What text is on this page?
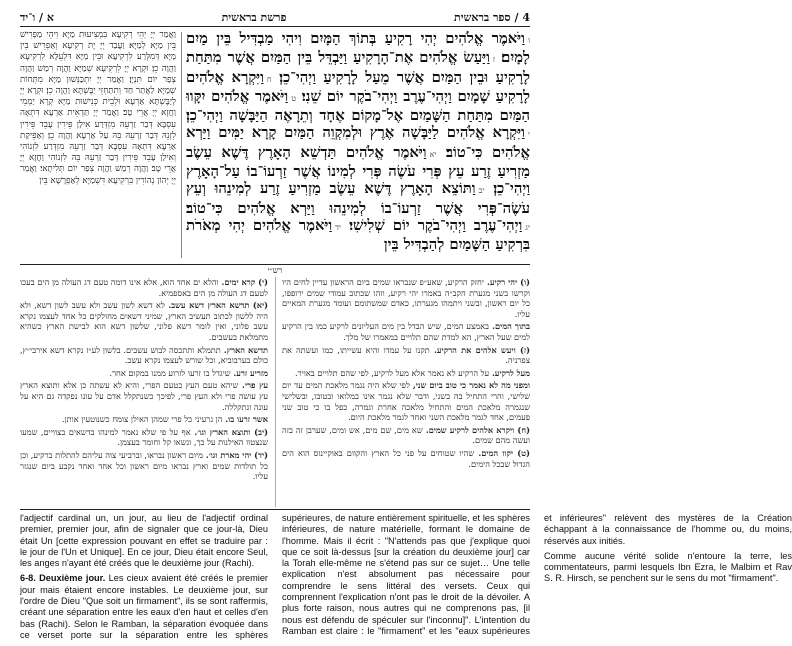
4 / ספר בראשית
פרשת בראשית
א / ו־יד

וַאֲמַר יְיָ יְהֵי רְקִיעָא בִּמְצִיעוּת מַיָּא וִיהֵי מַפְרִישׁ בֵּין מַיָּא לְמַיָּא׃ וַעֲבַד יְיָ יָת רְקִיעָא וְאַפְרֵישׁ בֵּין מַיָּא דְּמִלְּרַע לִרְקִיעָא וּבֵין מַיָּא דִּלְעֵלָּא לִרְקִיעָא וַהֲוָה כֵן׃ וּקְרָא יְיָ לִרְקִיעָא שְׁמַיָּא וַהֲוָה רְמַשׁ וַהֲוָה צְפַר יוֹם תִּנְיָן׃ וַאֲמַר יְיָ יִתְכַּנְּשׁוּן מַיָּא מִתְּחוֹת שְׁמַיָּא לַאֲתַר חַד וְתִתַחְזֵי יַבֶּשְׁתָּא וַהֲוָה כֵן׃ וּקְרָא יְיָ לְיַבֶּשְׁתָּא אַרְעָא וּלְבֵית כְּנִישׁוּת מַיָּא קְרָא יַמְמֵי וַחֲזָא יְיָ אֲרֵי טָב׃ וַאֲמַר יְיָ תַּדְאֵית אַרְעָא דִּתְאָה עִסְבָּא דְּבַר זַרְעֵהּ מִזְדְּרַע אִילַן פֵּירִין עָבֵד פֵּירִין לִזְנֵהּ דְּבַר זַרְעֵהּ בֵּהּ עַל אַרְעָא וַהֲוָה כֵן׃ וְאַפֵּיקַת אַרְעָא דִּתְאָה עִסְבָּא דְּבַר זַרְעֵהּ מִזְדְּרַע לִזְנוֹהִי וְאִילַן עָבֵד פֵּירִין דְּבַר זַרְעֵהּ בֵּהּ לִזְנוֹהִי וַחֲזָא יְיָ אֲרֵי טָב׃ וַהֲוָה רְמַשׁ וַהֲוָה צְפַר יוֹם תְּלִיתָאי׃ וַאֲמַר יְיָ יְהוֹן נְהוֹרִין בִּרְקִיעָא דִּשְׁמַיָּא לְאַפְרָשָׁא בֵּין

ווַיֹּאמֶר אֱלֹהִים יְהִי רָקִיעַ בְּתוֹךְ הַמָּיִם וִיהִי מַבְדִּיל בֵּין מַיִם לָמָיִם׃ זוַיַּעַשׂ אֱלֹהִים אֶת־הָרָקִיעַ וַיַּבְדֵּל בֵּין הַמַּיִם אֲשֶׁר מִתַּחַת לָרָקִיעַ וּבֵין הַמַּיִם אֲשֶׁר מֵעַל לָרָקִיעַ וַיְהִי־כֵן׃ חוַיִּקְרָא אֱלֹהִים לָרָקִיעַ שָׁמָיִם וַיְהִי־עֶרֶב וַיְהִי־בֹקֶר יוֹם שֵׁנִי׃ טוַיֹּאמֶר אֱלֹהִים יִקָּווּ הַמַּיִם מִתַּחַת הַשָּׁמַיִם אֶל־מָקוֹם אֶחָד וְתֵרָאֶה הַיַּבָּשָׁה וַיְהִי־כֵן׃ יוַיִּקְרָא אֱלֹהִים לַיַּבָּשָׁה אֶרֶץ וּלְמִקְוֵה הַמַּיִם קָרָא יַמִּים וַיַּרְא אֱלֹהִים כִּי־טוֹב׃ יאוַיֹּאמֶר אֱלֹהִים תַּדְשֵׁא הָאָרֶץ דֶּשֶׁא עֵשֶׂב מַזְרִיעַ זֶרַע עֵץ פְּרִי עֹשֶׂה פְּרִי לְמִינוֹ אֲשֶׁר זַרְעוֹ־בוֹ עַל־הָאָרֶץ וַיְהִי־כֵן׃ יבוַתּוֹצֵא הָאָרֶץ דֶּשֶׁא עֵשֶׂב מַזְרִיעַ זֶרַע לְמִינֵהוּ וְעֵץ עֹשֶׂה־פְּרִי אֲשֶׁר זַרְעוֹ־בוֹ לְמִינֵהוּ וַיַּרְא אֱלֹהִים כִּי־טוֹב׃ יגוַיְהִי־עֶרֶב וַיְהִי־בֹקֶר יוֹם שְׁלִישִׁי׃ ידוַיֹּאמֶר אֱלֹהִים יְהִי מְאֹרֹת בִּרְקִיעַ הַשָּׁמַיִם לְהַבְדִּיל בֵּין
רש״י

(ו) יהי רקיע. יחזק הרקיע, שאע״פ שנבראו שמים ביום הראשון עדיין לחים היו וקרשו בשני מגערת הקב״ה באמרו יהי רקיע, וזהו שכתוב עמודי שמים ירופפו, כל יום ראשון, ובשני ויתמהו מגערתו, כאדם שמשתומם ועומד מגערת המאיים עליו.

בתוך המים. באמצע המים, שיש הבדל בין מים העליונים לרקיע כמו בין הרקיע למים שעל הארץ, הא למדת שהם תלויים במאמרו של מלך.

(ז) ויעש אלהים את הרקיע. תקנו על עמדו והיא עשייתו, כמו ועשתה את צפרניה.

מעל לרקיע. על הרקיע לא נאמר אלא מעל לרקיע, לפי שהם תלויים באויר.

ומפני מה לא נאמר כי טוב ביום שני, לפי שלא היה נגמר מלאכת המים עד יום שלישי, והרי התחיל בה בשני, ודבר שלא נגמר אינו במלואו ובטובו, ובשלישי שנגמרה מלאכת המים והתחיל מלאכה אחרת וגמרה, כפל בו כי טוב שני פעמים, אחד לגמר מלאכת השני ואחד לגמר מלאכת היום.

(ח) ויקרא אלהים לרקיע שמים. שא מים, שם מים, אש ומים, שערבן זה בזה ועשה מהם שמים.

(ט) יקוו המים. שהיו שטוחים על פני כל הארץ והקוום באוקיינוס הוא הים הגדול שבכל הימים.

(י) קרא ימים. והלא ים אחד הוא, אלא אינו דומה טעם דג העולה מן הים בעכו לטעם דג העולה מן הים באספמיא.

(יא) תדשא הארץ דשא עשב. לא דשא לשון עשב ולא עשב לשון דשא, ולא היה ללשון לכתוב תעשיב הארץ, שמיני דשאים מחולקים כל אחד לעצמו נקרא עשב פלוני, ואין לומר דשא פלוני, שלשון דשא הוא לבישת הארץ כשהיא מתמלאת בעשבים.

תדשא הארץ. תתמלא ותתכסה לבוש עשבים. בלשון לע״ז נקרא דשא אירבי״ץ, כולם בערבוביא, וכל שורש לעצמו נקרא עשב.

מזריע זרע. שיגדל בו זרעו לזרוע ממנו במקום אחר.

עץ פרי. שיהא טעם העץ כטעם הפרי, והיא לא עשתה כן אלא ותוצא הארץ עץ עושה פרי ולא העץ פרי, לפיכך כשנתקלל אדם על עונו נפקדה גם היא על עונה ונתקללה.

אשר זרעו בו. הן גרעיני כל פרי שמהן האילן צומח כשנוטעין אותן.

(יב) ותוצא הארץ וגו׳. אף על פי שלא נאמר למינהו בדשאים בצוויים, שמעו שנצטוו האילנות על כך, ונשאו קל וחומר בעצמן.

(יד) יהי מארת וגו׳. מיום ראשון נבראו, וברביעי צוה עליהם להתלות ברקיע, וכן כל תולדות שמים וארץ נבראו מיום ראשון וכל אחד ואחד נקבע ביום שנגזר עליו.

l'adjectif cardinal un, un jour, au lieu de l'adjectif ordinal premier, premier jour, afin de signaler que ce jour-là, Dieu était Un [cette expression pouvant en effet se traduire par : le jour de l'Un et Unique]. En ce jour, Dieu était encore Seul, les anges n'ayant été créés que le deuxième jour (Rachi).

6-8. Deuxième jour. Les cieux avaient été créés le premier jour mais étaient encore instables. Le deuxième jour, sur l'ordre de Dieu "Que soit un firmament", ils se sont raffermis, créant une séparation entre les eaux d'en haut et celles d'en bas (Rachi). Selon le Ramban, la séparation évoquée dans ce verset porte sur la séparation entre les sphères supérieures, de nature entièrement spirituelle, et les sphères inférieures, de nature matérielle, formant le domaine de l'homme. Mais il écrit : "N'attends pas que j'explique quoi que ce soit là-dessus [sur la création du deuxième jour] car la Torah elle-même ne s'étend pas sur ce sujet… Une telle explication n'est absolument pas nécessaire pour comprendre le sens littéral des versets. Ceux qui comprennent l'explication n'ont pas le droit de la dévoiler. A plus forte raison, nous autres qui ne comprenons pas, [il nous est défendu de spéculer sur l'inconnu]". L'intention du Ramban est claire : le "firmament" et les "eaux supérieures et inférieures" relèvent des mystères de la Création échappant à la connaissance de l'homme ou, du moins, réservés aux initiés.

Comme aucune vérité solide n'entoure la terre, les commentateurs, parmi lesquels Ibn Ezra, le Malbim et Rav S. R. Hirsch, se penchent sur le sens du mot "firmament".
